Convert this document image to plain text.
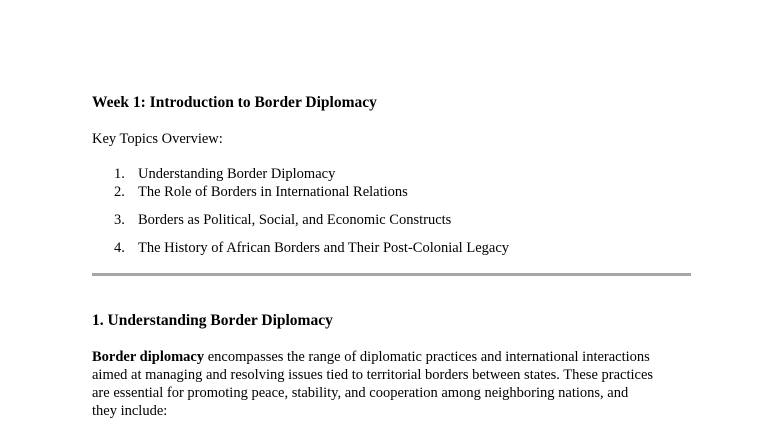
Week 1: Introduction to Border Diplomacy

Key Topics Overview:

1. Understanding Border Diplomacy
2. The Role of Borders in International Relations
3. Borders as Political, Social, and Economic Constructs
4. The History of African Borders and Their Post-Colonial Legacy
1. Understanding Border Diplomacy

Border diplomacy encompasses the range of diplomatic practices and international interactions
aimed at managing and resolving issues tied to territorial borders between states. These practices
are essential for promoting peace, stability, and cooperation among neighboring nations, and
they include:
